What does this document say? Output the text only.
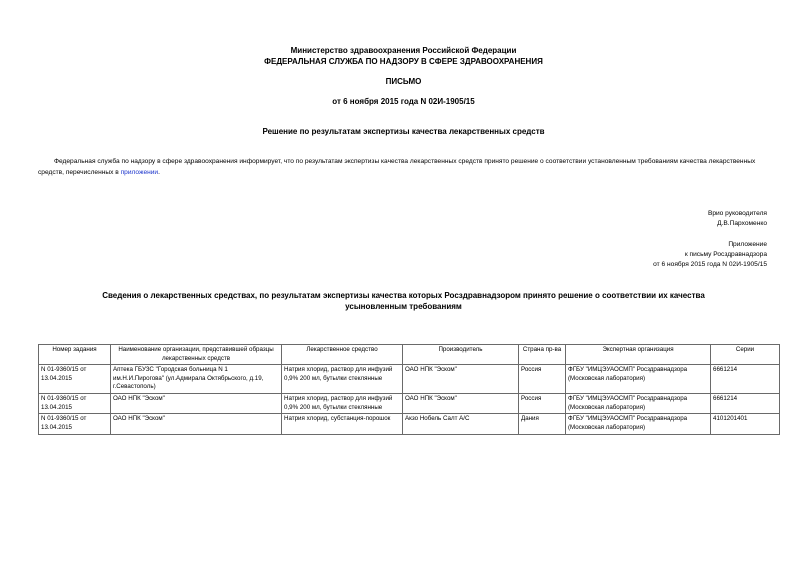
Министерство здравоохранения Российской Федерации
ФЕДЕРАЛЬНАЯ СЛУЖБА ПО НАДЗОРУ В СФЕРЕ ЗДРАВООХРАНЕНИЯ
ПИСЬМО
от 6 ноября 2015 года N 02И-1905/15
Решение по результатам экспертизы качества лекарственных средств
Федеральная служба по надзору в сфере здравоохранения информирует, что по результатам экспертизы качества лекарственных средств принято решение о соответствии установленным требованиям качества лекарственных средств, перечисленных в приложении.
Врио руководителя
Д.В.Пархоменко
Приложение
к письму Росздравнадзора
от 6 ноября 2015 года N 02И-1905/15
Сведения о лекарственных средствах, по результатам экспертизы качества которых Росздравнадзором принято решение о соответствии их качества
усыновленным требованиям
Номер задания	Наименование организации, представившей образцы лекарственных средств	Лекарственное средство	Производитель	Страна пр-ва	Экспертная организация	Серии
N 01-9360/15 от 13.04.2015	Аптека ГБУЗС "Городская больница N 1 им.Н.И.Пирогова" (ул.Адмирала Октябрьского, д.19, г.Севастополь)	Натрия хлорид, раствор для инфузий 0,9% 200 мл, бутылки стеклянные	ОАО НПК "Эском"	Россия	ФГБУ "ИМЦЭУАОСМП" Росздравнадзора (Московская лаборатория)	6661214
N 01-9360/15 от 13.04.2015	ОАО НПК "Эском"	Натрия хлорид, раствор для инфузий 0,9% 200 мл, бутылки стеклянные	ОАО НПК "Эском"	Россия	ФГБУ "ИМЦЭУАОСМП" Росздравнадзора (Московская лаборатория)	6661214
N 01-9360/15 от 13.04.2015	ОАО НПК "Эском"	Натрия хлорид, субстанция-порошок	Акзо Нобель Салт А/С	Дания	ФГБУ "ИМЦЭУАОСМП" Росздравнадзора (Московская лаборатория)	4101201401
